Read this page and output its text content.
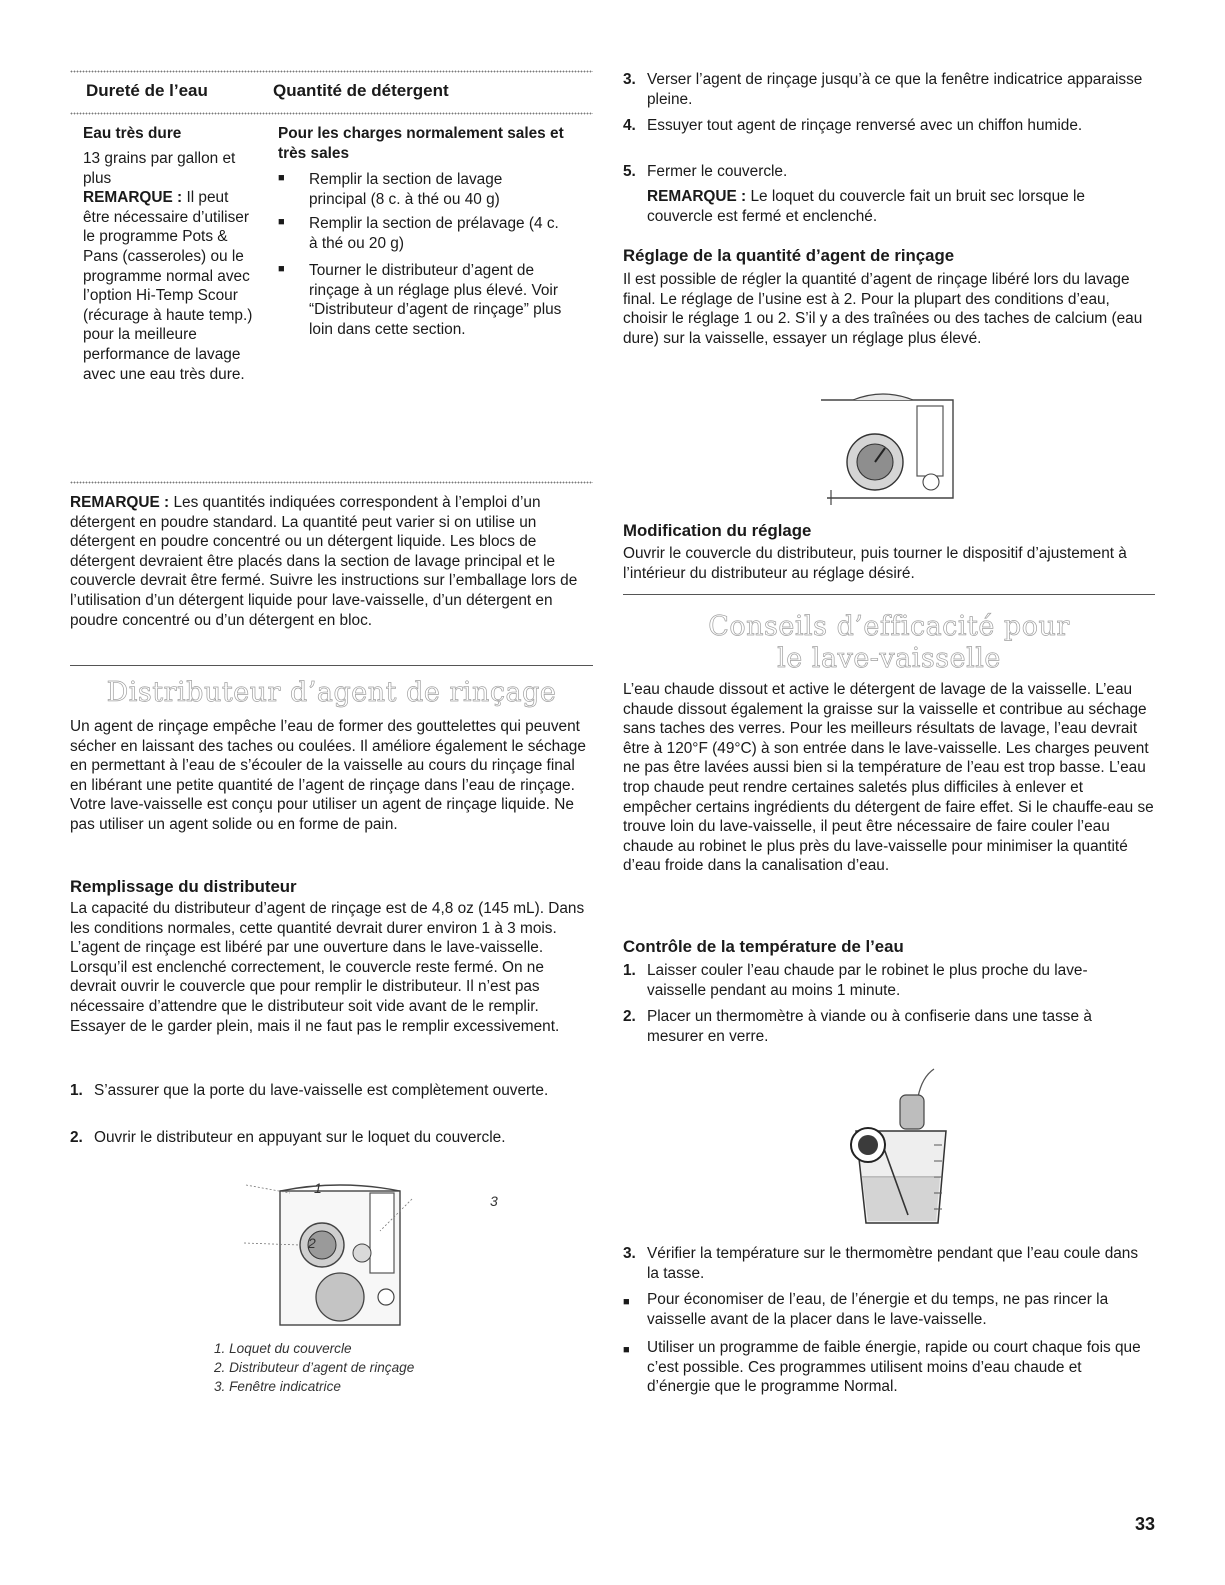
Dureté de l’eau	Quantité de détergent
Eau très dure

13 grains par gallon et plus

REMARQUE : Il peut être nécessaire d’utiliser le programme Pots & Pans (casseroles) ou le programme normal avec l’option Hi-Temp Scour (récurage à haute temp.) pour la meilleure performance de lavage avec une eau très dure.

Pour les charges normalement sales et très sales
■ Remplir la section de lavage principal (8 c. à thé ou 40 g)
■ Remplir la section de prélavage (4 c. à thé ou 20 g)
■ Tourner le distributeur d’agent de rinçage à un réglage plus élevé. Voir “Distributeur d’agent de rinçage” plus loin dans cette section.

REMARQUE : Les quantités indiquées correspondent à l’emploi d’un détergent en poudre standard. La quantité peut varier si on utilise un détergent en poudre concentré ou un détergent liquide. Les blocs de détergent devraient être placés dans la section de lavage principal et le couvercle devrait être fermé. Suivre les instructions sur l’emballage lors de l’utilisation d’un détergent liquide pour lave-vaisselle, d’un détergent en poudre concentré ou d’un détergent en bloc.

Distributeur d’agent de rinçage

Un agent de rinçage empêche l’eau de former des gouttelettes qui peuvent sécher en laissant des taches ou coulées. Il améliore également le séchage en permettant à l’eau de s’écouler de la vaisselle au cours du rinçage final en libérant une petite quantité de l’agent de rinçage dans l’eau de rinçage. Votre lave-vaisselle est conçu pour utiliser un agent de rinçage liquide. Ne pas utiliser un agent solide ou en forme de pain.

Remplissage du distributeur

La capacité du distributeur d’agent de rinçage est de 4,8 oz (145 mL). Dans les conditions normales, cette quantité devrait durer environ 1 à 3 mois. L’agent de rinçage est libéré par une ouverture dans le lave-vaisselle. Lorsqu’il est enclenché correctement, le couvercle reste fermé. On ne devrait ouvrir le couvercle que pour remplir le distributeur. Il n’est pas nécessaire d’attendre que le distributeur soit vide avant de le remplir. Essayer de le garder plein, mais il ne faut pas le remplir excessivement.

1. S’assurer que la porte du lave-vaisselle est complètement ouverte.
2. Ouvrir le distributeur en appuyant sur le loquet du couvercle.
1
2
3
1. Loquet du couvercle
2. Distributeur d’agent de rinçage
3. Fenêtre indicatrice
3. Verser l’agent de rinçage jusqu’à ce que la fenêtre indicatrice apparaisse pleine.
4. Essuyer tout agent de rinçage renversé avec un chiffon humide.
5. Fermer le couvercle.

REMARQUE : Le loquet du couvercle fait un bruit sec lorsque le couvercle est fermé et enclenché.

Réglage de la quantité d’agent de rinçage

Il est possible de régler la quantité d’agent de rinçage libéré lors du lavage final. Le réglage de l’usine est à 2. Pour la plupart des conditions d’eau, choisir le réglage 1 ou 2. S’il y a des traînées ou des taches de calcium (eau dure) sur la vaisselle, essayer un réglage plus élevé.

Modification du réglage

Ouvrir le couvercle du distributeur, puis tourner le dispositif d’ajustement à l’intérieur du distributeur au réglage désiré.

Conseils d’efficacité pour
le lave-vaisselle

L’eau chaude dissout et active le détergent de lavage de la vaisselle. L’eau chaude dissout également la graisse sur la vaisselle et contribue au séchage sans taches des verres. Pour les meilleurs résultats de lavage, l’eau devrait être à 120°F (49°C) à son entrée dans le lave-vaisselle. Les charges peuvent ne pas être lavées aussi bien si la température de l’eau est trop basse. L’eau trop chaude peut rendre certaines saletés plus difficiles à enlever et empêcher certains ingrédients du détergent de faire effet. Si le chauffe-eau se trouve loin du lave-vaisselle, il peut être nécessaire de faire couler l’eau chaude au robinet le plus près du lave-vaisselle pour minimiser la quantité d’eau froide dans la canalisation d’eau.

Contrôle de la température de l’eau
1. Laisser couler l’eau chaude par le robinet le plus proche du lave-vaisselle pendant au moins 1 minute.
2. Placer un thermomètre à viande ou à confiserie dans une tasse à mesurer en verre.
3. Vérifier la température sur le thermomètre pendant que l’eau coule dans la tasse.
■ Pour économiser de l’eau, de l’énergie et du temps, ne pas rincer la vaisselle avant de la placer dans le lave-vaisselle.
■ Utiliser un programme de faible énergie, rapide ou court chaque fois que c’est possible. Ces programmes utilisent moins d’eau chaude et d’énergie que le programme Normal.
33
